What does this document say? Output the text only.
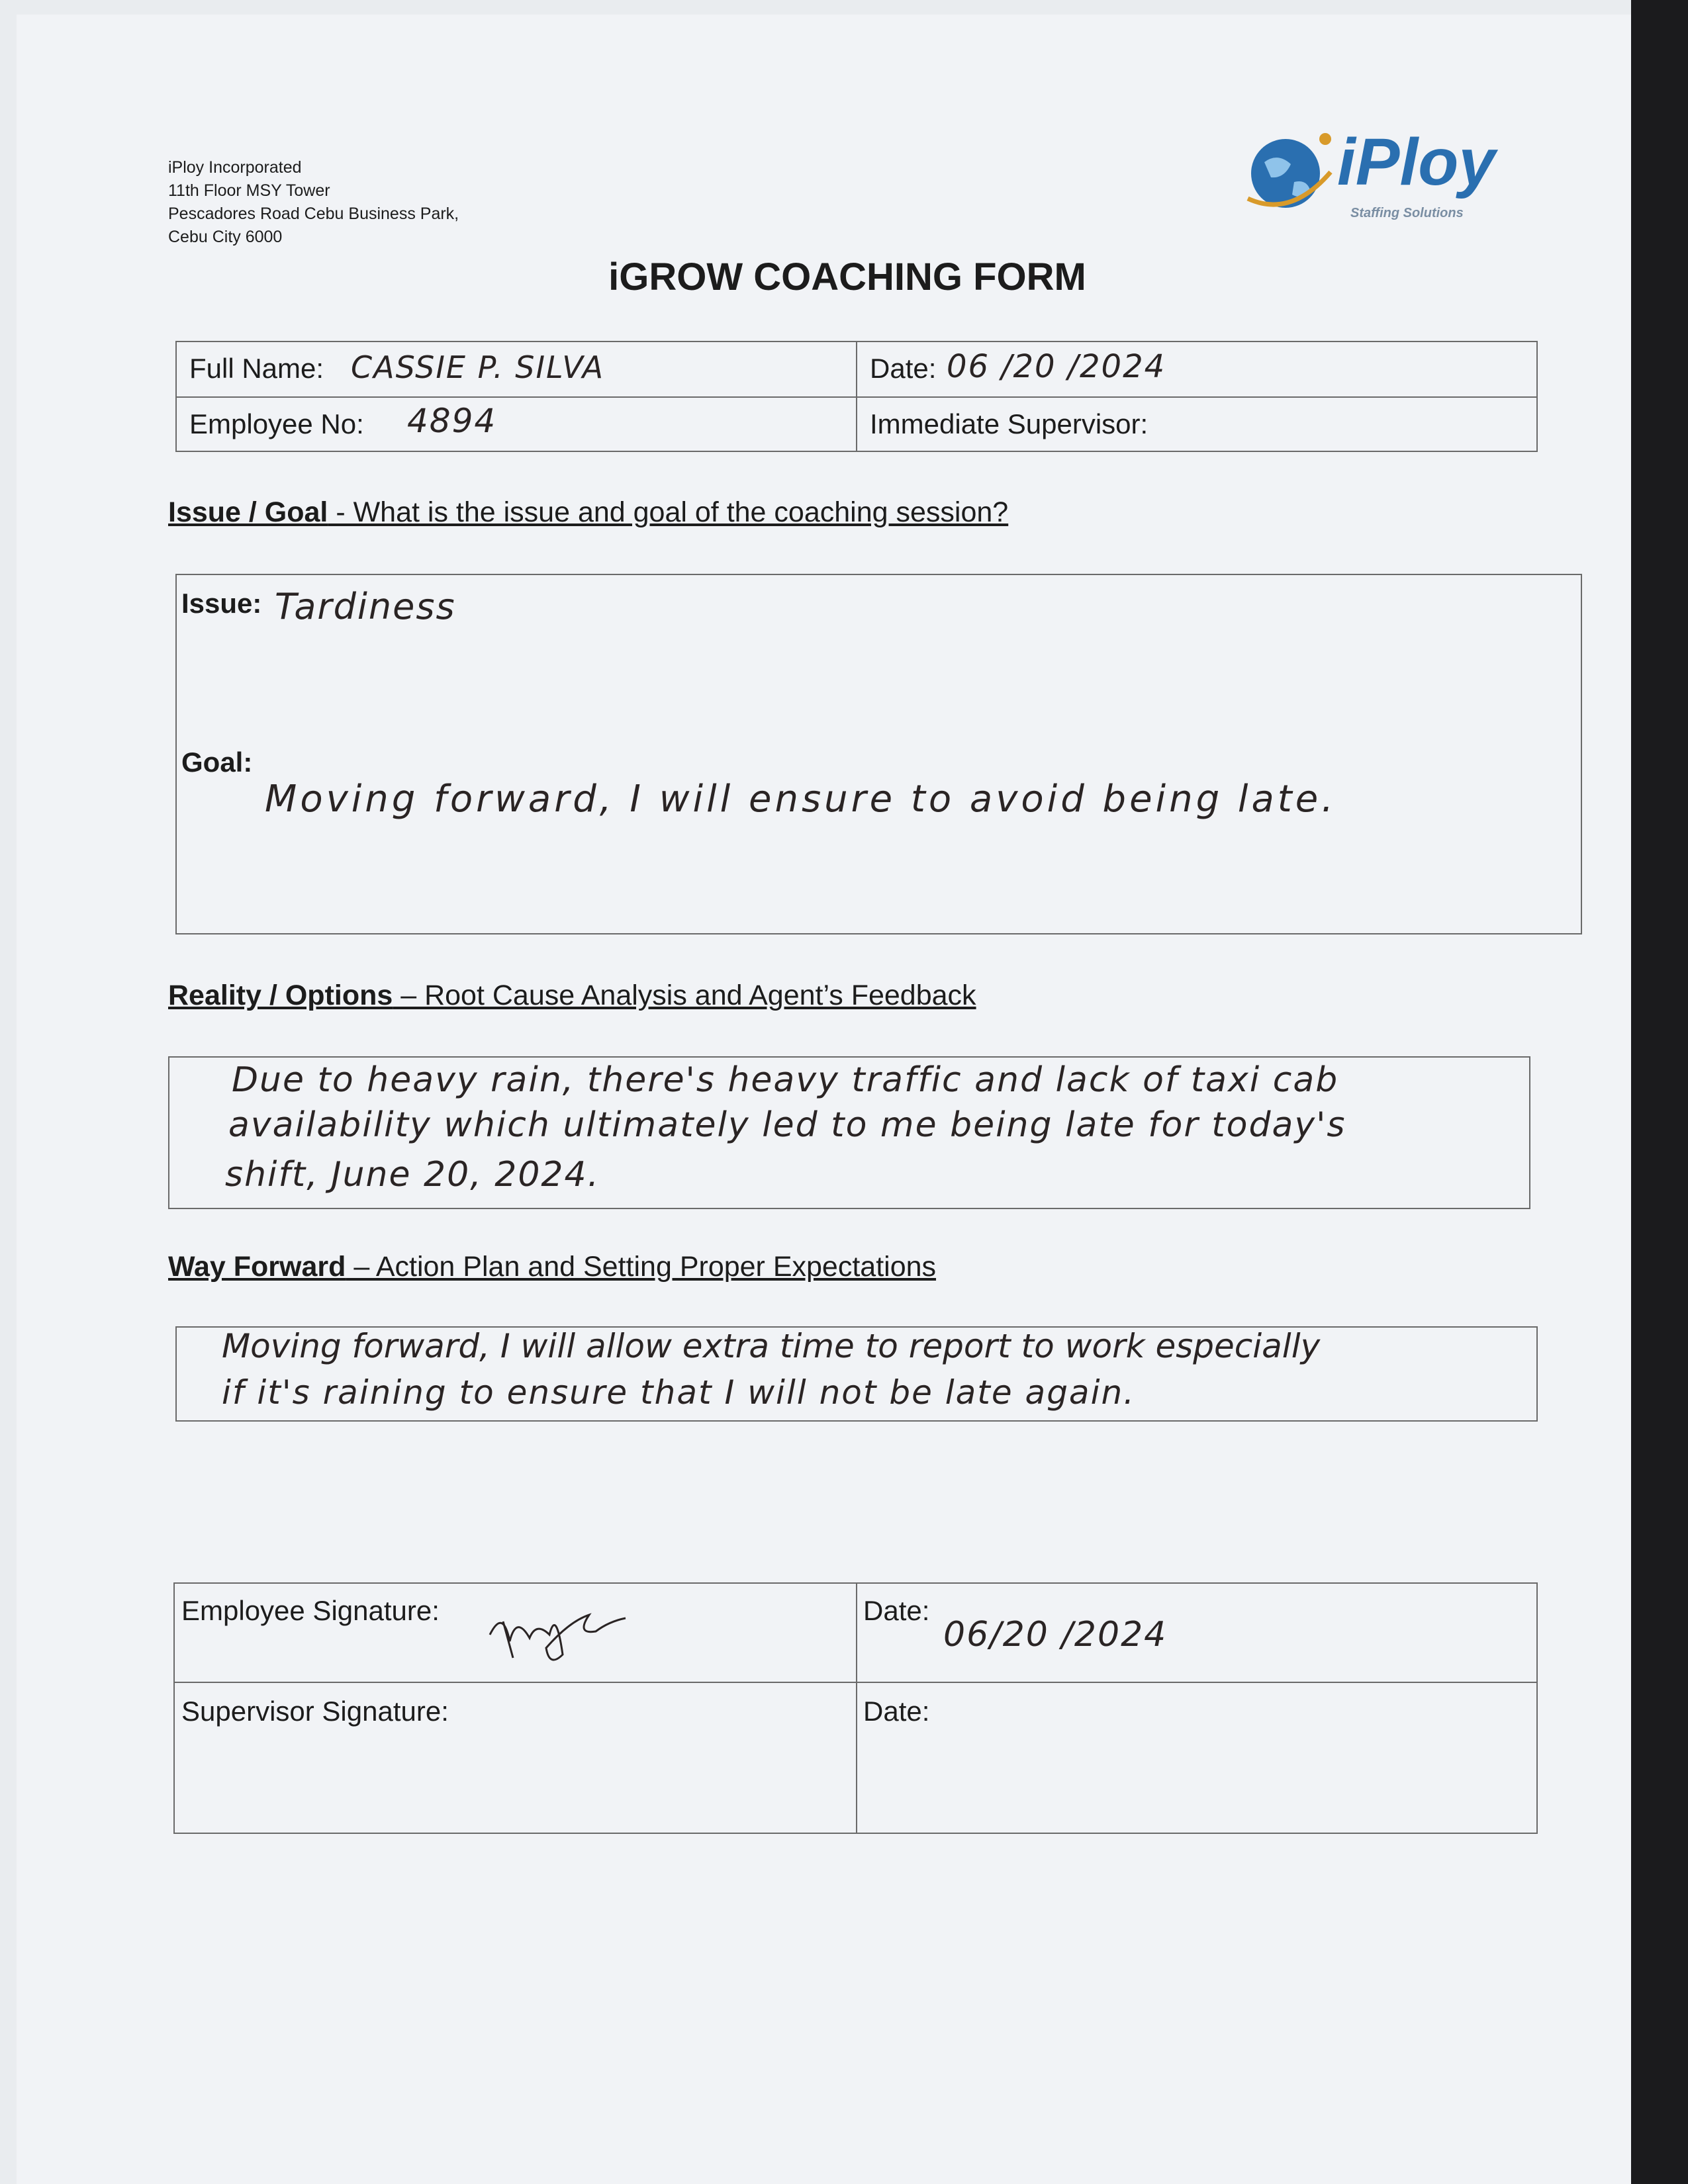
iPloy Incorporated
11th Floor MSY Tower
Pescadores Road Cebu Business Park,
Cebu City 6000
iPloy
Staffing Solutions
iGROW COACHING FORM
Full Name: CASSIE P. SILVA	Date: 06 /20 /2024
Employee No: 4894	Immediate Supervisor:
Issue / Goal - What is the issue and goal of the coaching session?
Issue: Tardiness
Goal:
Moving forward, I will ensure to avoid being late.
Reality / Options – Root Cause Analysis and Agent’s Feedback
Due to heavy rain, there's heavy traffic and lack of taxi cab
availability which ultimately led to me being late for today's
shift, June 20, 2024.
Way Forward – Action Plan and Setting Proper Expectations
Moving forward, I will allow extra time to report to work especially
if it's raining to ensure that I will not be late again.
Employee Signature:	Date:
06/20 /2024
Supervisor Signature:	Date:
